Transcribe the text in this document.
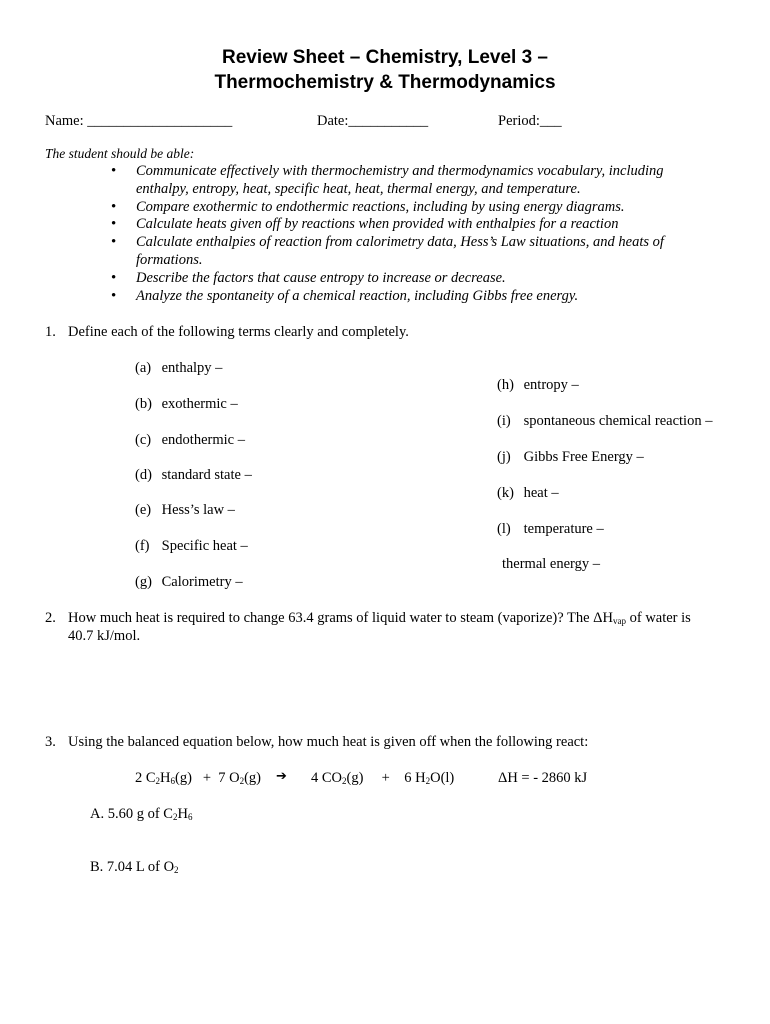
Review Sheet – Chemistry, Level 3 –
Thermochemistry & Thermodynamics
Name: ____________________	Date:___________	Period:___
The student should be able:
• Communicate effectively with thermochemistry and thermodynamics vocabulary, including enthalpy, entropy, heat, specific heat, heat, thermal energy, and temperature.
• Compare exothermic to endothermic reactions, including by using energy diagrams.
• Calculate heats given off by reactions when provided with enthalpies for a reaction
• Calculate enthalpies of reaction from calorimetry data, Hess’s Law situations, and heats of formations.
• Describe the factors that cause entropy to increase or decrease.
• Analyze the spontaneity of a chemical reaction, including Gibbs free energy.
1. Define each of the following terms clearly and completely.
(a) enthalpy –
(b) exothermic –
(c) endothermic –
(d) standard state –
(e) Hess’s law –
(f) Specific heat –
(g) Calorimetry –
(h) entropy –
(i) spontaneous chemical reaction –
(j) Gibbs Free Energy –
(k) heat –
(l) temperature –
thermal energy –
2. How much heat is required to change 63.4 grams of liquid water to steam (vaporize)? The $\Delta H_{vap}$ of water is
40.7 kJ/mol.
3. Using the balanced equation below, how much heat is given off when the following react:
2 $C_2H_6(g) + 7$ $O_2(g)$ ➔ 4 $CO_2(g)$     +    6 $H_2O(l)$	ΔH = - 2860 kJ
A. 5.60 g of $C_2H_6$
B. 7.04 L of $O_2$
